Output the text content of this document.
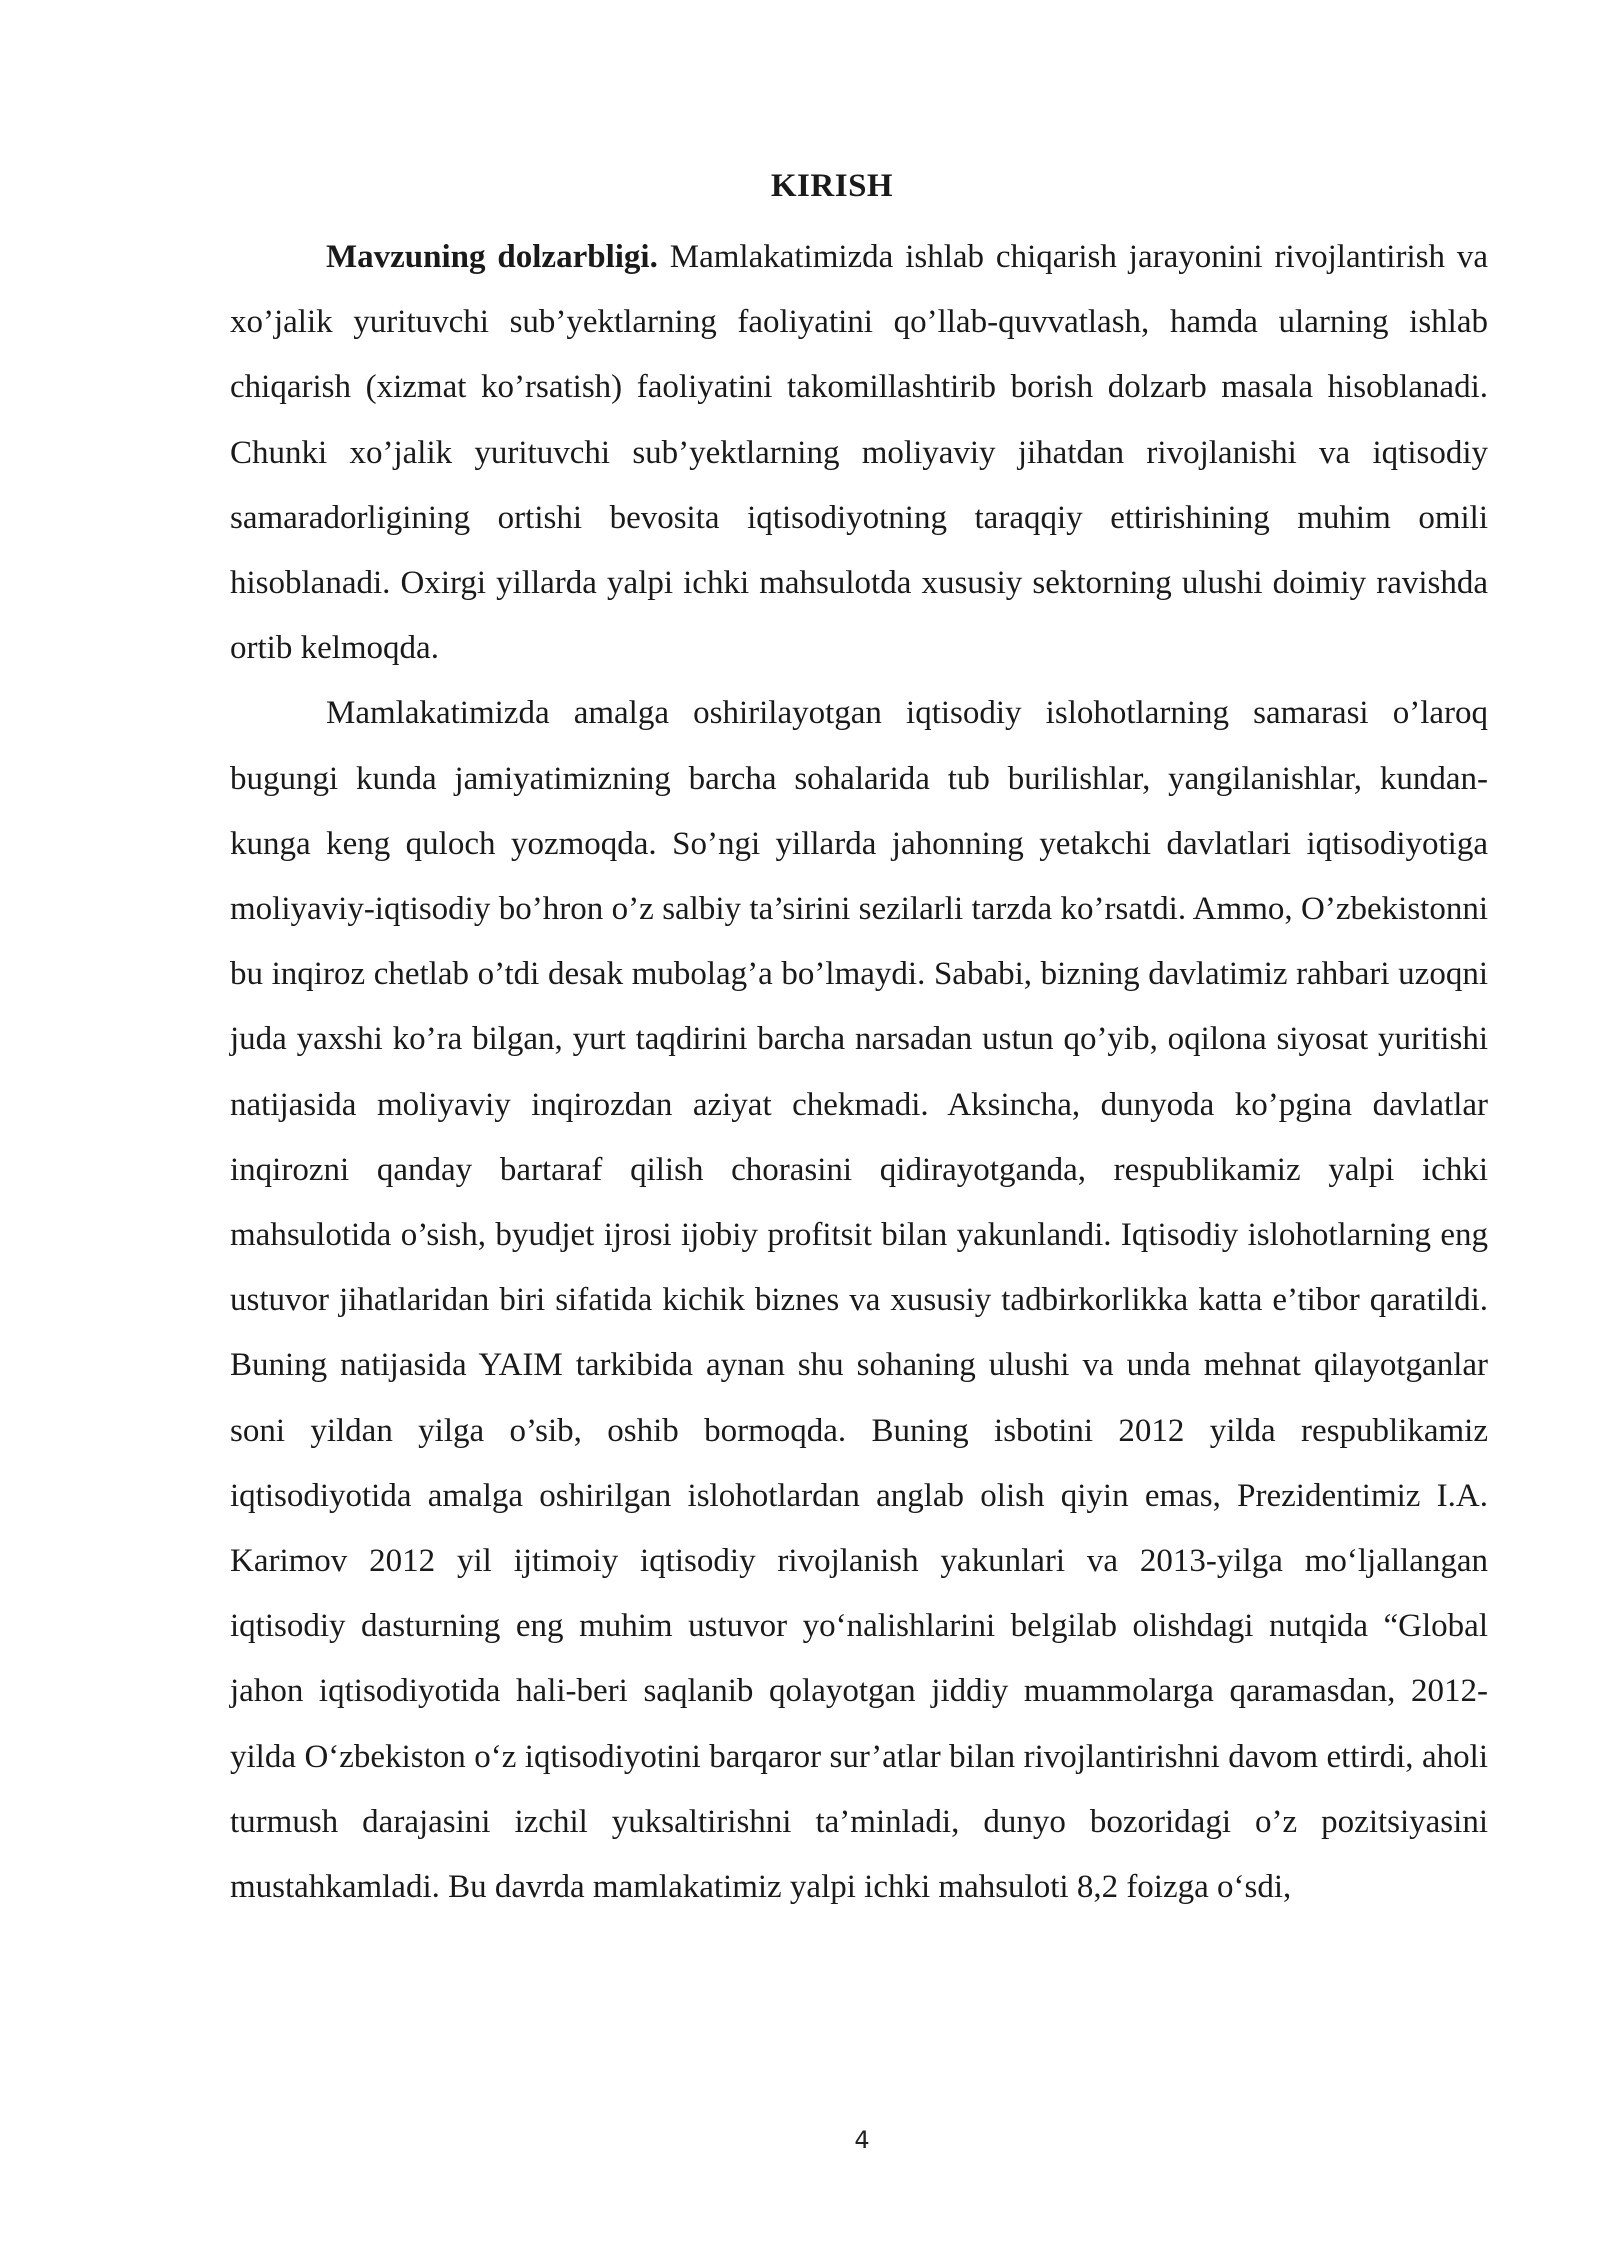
KIRISH

Mavzuning dolzarbligi. Mamlakatimizda ishlab chiqarish jarayonini rivojlantirish va xo’jalik yurituvchi sub’yektlarning faoliyatini qo’llab-quvvatlash, hamda ularning ishlab chiqarish (xizmat ko’rsatish) faoliyatini takomillashtirib borish dolzarb masala hisoblanadi. Chunki xo’jalik yurituvchi sub’yektlarning moliyaviy jihatdan rivojlanishi va iqtisodiy samaradorligining ortishi bevosita iqtisodiyotning taraqqiy ettirishining muhim omili hisoblanadi. Oxirgi yillarda yalpi ichki mahsulotda xususiy sektorning ulushi doimiy ravishda ortib kelmoqda.

Mamlakatimizda amalga oshirilayotgan iqtisodiy islohotlarning samarasi o’laroq bugungi kunda jamiyatimizning barcha sohalarida tub burilishlar, yangilanishlar, kundan-kunga keng quloch yozmoqda. So’ngi yillarda jahonning yetakchi davlatlari iqtisodiyotiga moliyaviy-iqtisodiy bo’hron o’z salbiy ta’sirini sezilarli tarzda ko’rsatdi. Ammo, O’zbekistonni bu inqiroz chetlab o’tdi desak mubolag’a bo’lmaydi. Sababi, bizning davlatimiz rahbari uzoqni juda yaxshi ko’ra bilgan, yurt taqdirini barcha narsadan ustun qo’yib, oqilona siyosat yuritishi natijasida moliyaviy inqirozdan aziyat chekmadi. Aksincha, dunyoda ko’pgina davlatlar inqirozni qanday bartaraf qilish chorasini qidirayotganda, respublikamiz yalpi ichki mahsulotida o’sish, byudjet ijrosi ijobiy profitsit bilan yakunlandi. Iqtisodiy islohotlarning eng ustuvor jihatlaridan biri sifatida kichik biznes va xususiy tadbirkorlikka katta e’tibor qaratildi. Buning natijasida YAIM tarkibida aynan shu sohaning ulushi va unda mehnat qilayotganlar soni yildan yilga o’sib, oshib bormoqda. Buning isbotini 2012 yilda respublikamiz iqtisodiyotida amalga oshirilgan islohotlardan anglab olish qiyin emas, Prezidentimiz I.A. Karimov 2012 yil ijtimoiy iqtisodiy rivojlanish yakunlari va 2013-yilga mo‘ljallangan iqtisodiy dasturning eng muhim ustuvor yo‘nalishlarini belgilab olishdagi nutqida “Global jahon iqtisodiyotida hali-beri saqlanib qolayotgan jiddiy muammolarga qaramasdan, 2012-yilda O‘zbekiston o‘z iqtisodiyotini barqaror sur’atlar bilan rivojlantirishni davom ettirdi, aholi turmush darajasini izchil yuksaltirishni ta’minladi, dunyo bozoridagi o’z pozitsiyasini mustahkamladi. Bu davrda mamlakatimiz yalpi ichki mahsuloti 8,2 foizga o‘sdi,

4
